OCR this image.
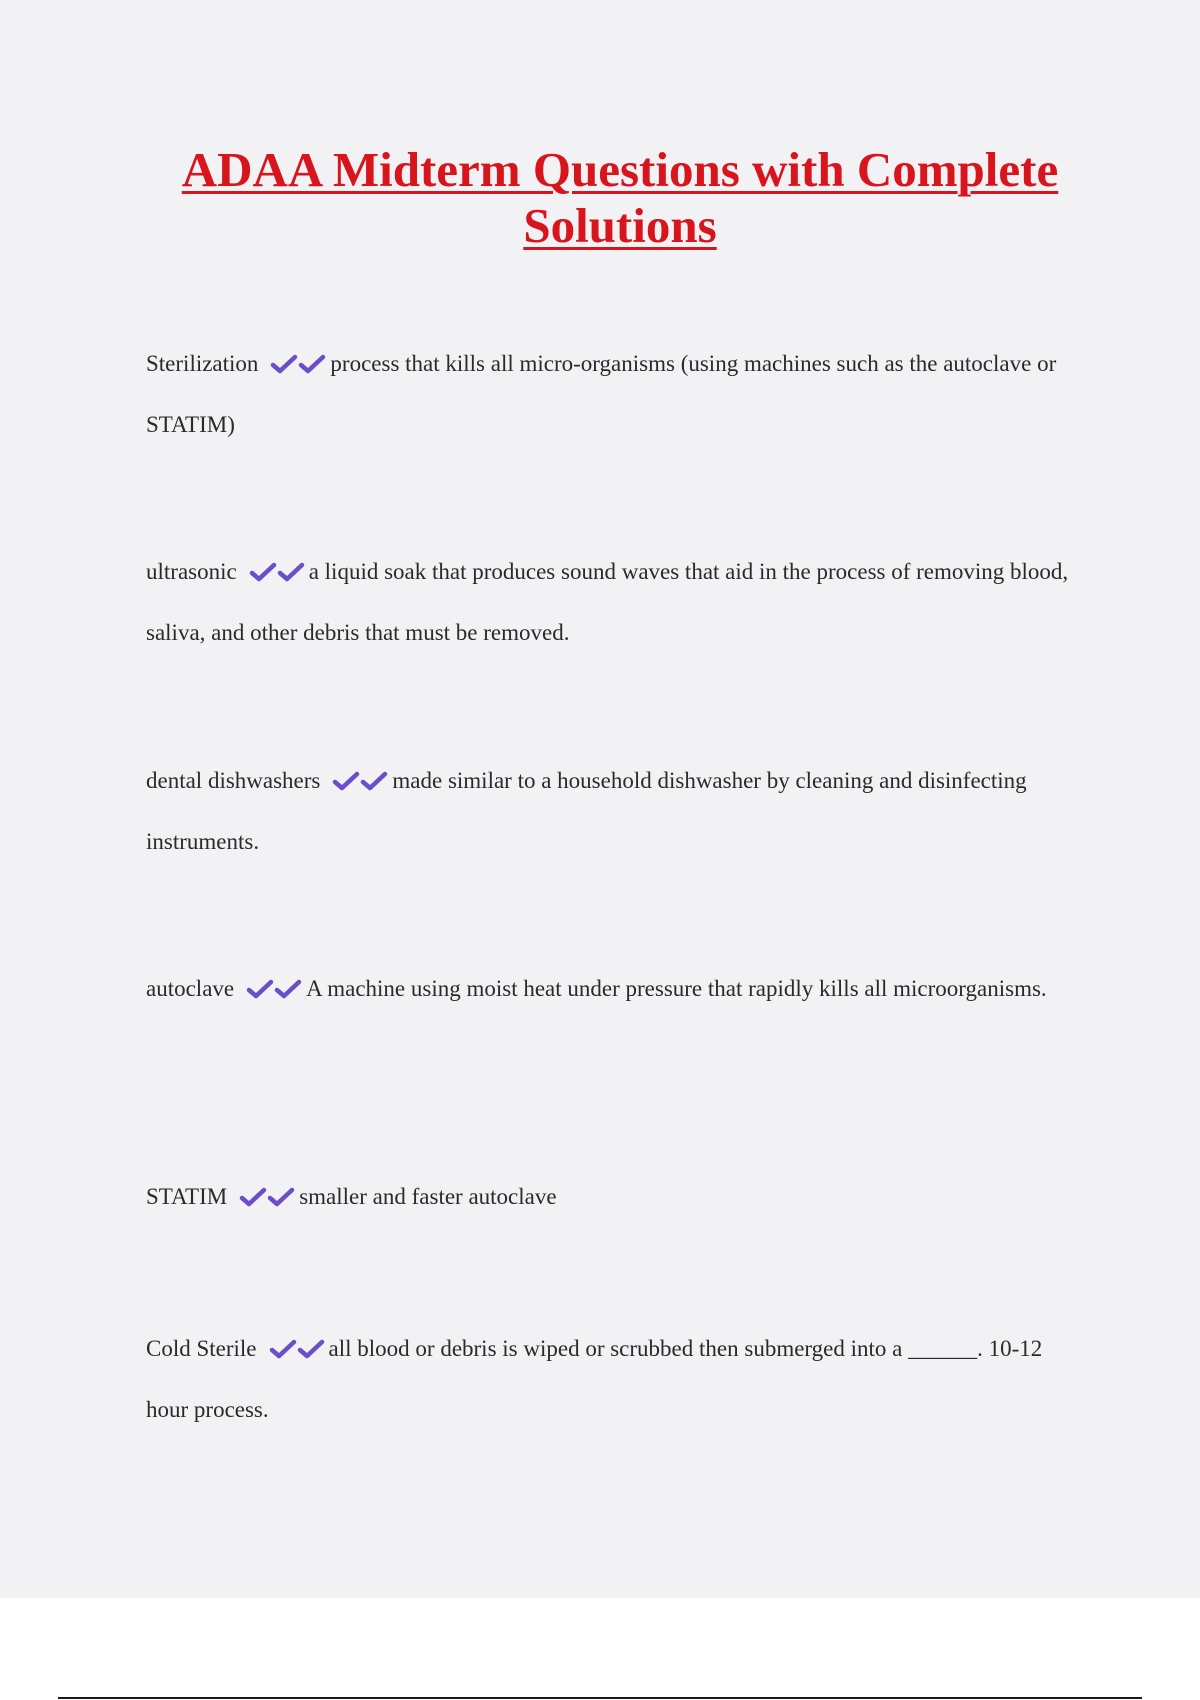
ADAA Midterm Questions with Complete Solutions
Sterilization	process that kills all micro-organisms (using machines such as the autoclave or STATIM)
ultrasonic	a liquid soak that produces sound waves that aid in the process of removing blood, saliva, and other debris that must be removed.
dental dishwashers	made similar to a household dishwasher by cleaning and disinfecting instruments.
autoclave	A machine using moist heat under pressure that rapidly kills all microorganisms.
STATIM	smaller and faster autoclave
Cold Sterile	all blood or debris is wiped or scrubbed then submerged into a ______. 10-12 hour process.
